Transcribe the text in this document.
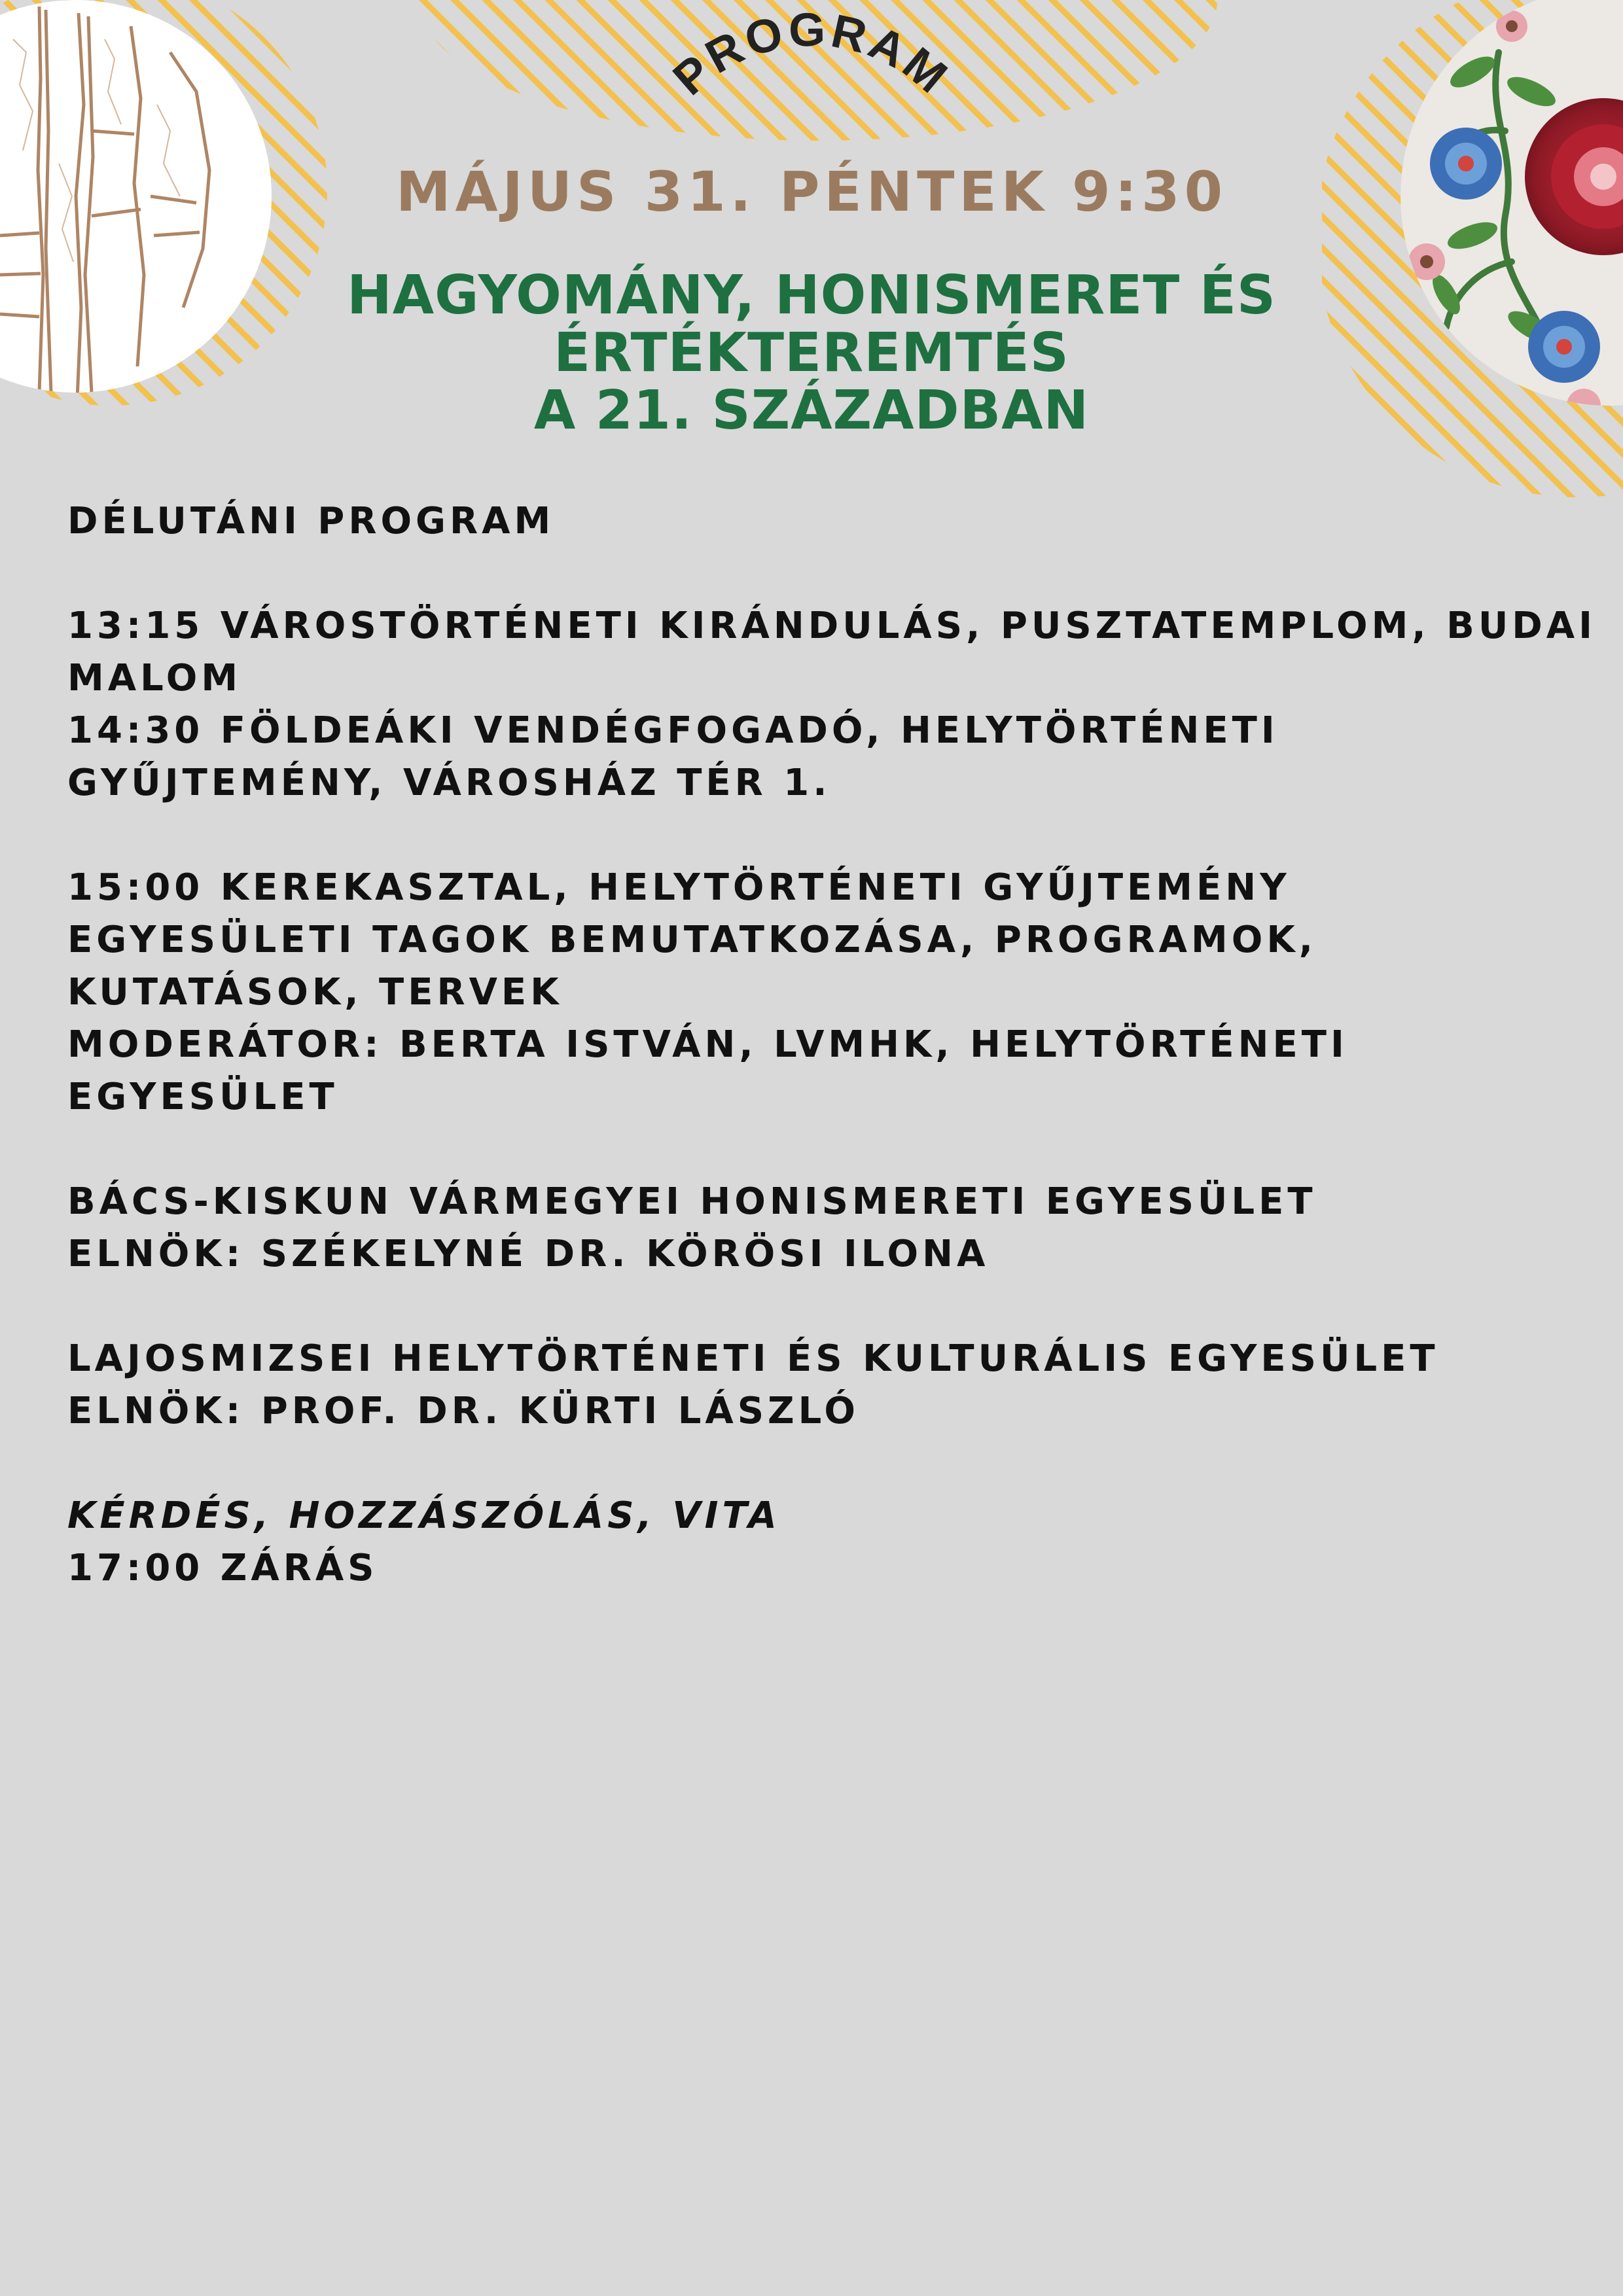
PROGRAM
MÁJUS 31. PÉNTEK 9:30
HAGYOMÁNY, HONISMERET ÉS
ÉRTÉKTEREMTÉS
A 21. SZÁZADBAN

DÉLUTÁNI PROGRAM

13:15 VÁROSTÖRTÉNETI KIRÁNDULÁS, PUSZTATEMPLOM, BUDAI

MALOM

14:30 FÖLDEÁKI VENDÉGFOGADÓ, HELYTÖRTÉNETI

GYŰJTEMÉNY, VÁROSHÁZ TÉR 1.

15:00 KEREKASZTAL, HELYTÖRTÉNETI GYŰJTEMÉNY

EGYESÜLETI TAGOK BEMUTATKOZÁSA, PROGRAMOK,

KUTATÁSOK, TERVEK

MODERÁTOR: BERTA ISTVÁN, LVMHK, HELYTÖRTÉNETI

EGYESÜLET

BÁCS-KISKUN VÁRMEGYEI HONISMERETI EGYESÜLET

ELNÖK: SZÉKELYNÉ DR. KÖRÖSI ILONA

LAJOSMIZSEI HELYTÖRTÉNETI ÉS KULTURÁLIS EGYESÜLET

ELNÖK: PROF. DR. KÜRTI LÁSZLÓ

KÉRDÉS, HOZZÁSZÓLÁS, VITA

17:00 ZÁRÁS
